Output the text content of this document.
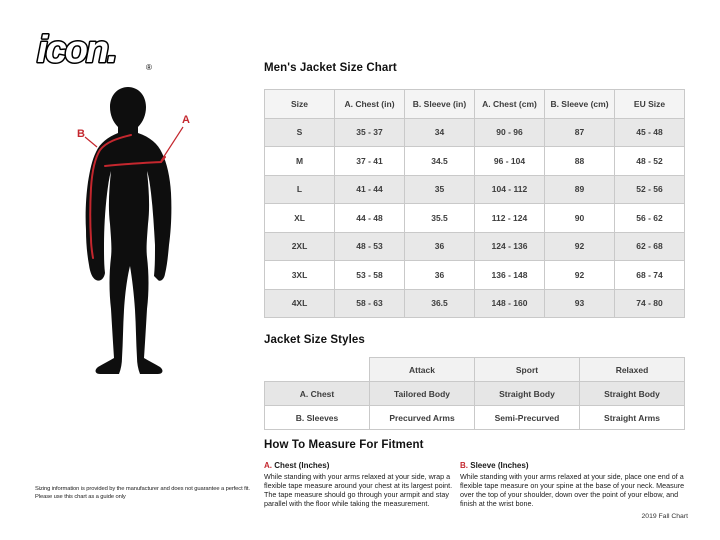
icon.	®
B
A
Sizing information is provided by the manufacturer and does not guarantee a perfect fit.
Please use this chart as a guide only
Men's Jacket Size Chart
Size	A. Chest (in)	B. Sleeve (in)	A. Chest (cm)	B. Sleeve (cm)	EU Size
S	35 - 37	34	90 - 96	87	45 - 48
M	37 - 41	34.5	96 - 104	88	48 - 52
L	41 - 44	35	104 - 112	89	52 - 56
XL	44 - 48	35.5	112 - 124	90	56 - 62
2XL	48 - 53	36	124 - 136	92	62 - 68
3XL	53 - 58	36	136 - 148	92	68 - 74
4XL	58 - 63	36.5	148 - 160	93	74 - 80
Jacket Size Styles
	Attack	Sport	Relaxed
A. Chest	Tailored Body	Straight Body	Straight Body
B. Sleeves	Precurved Arms	Semi-Precurved	Straight Arms
How To Measure For Fitment
A. Chest (Inches)
While standing with your arms relaxed at your side, wrap a flexible tape measure around your chest at its largest point. The tape measure should go through your armpit and stay parallel with the floor while taking the measurement.
B. Sleeve (Inches)
While standing with your arms relaxed at your side, place one end of a flexible tape measure on your spine at the base of your neck. Measure over the top of your shoulder, down over the point of your elbow, and finish at the wrist bone.
2019 Fall Chart
